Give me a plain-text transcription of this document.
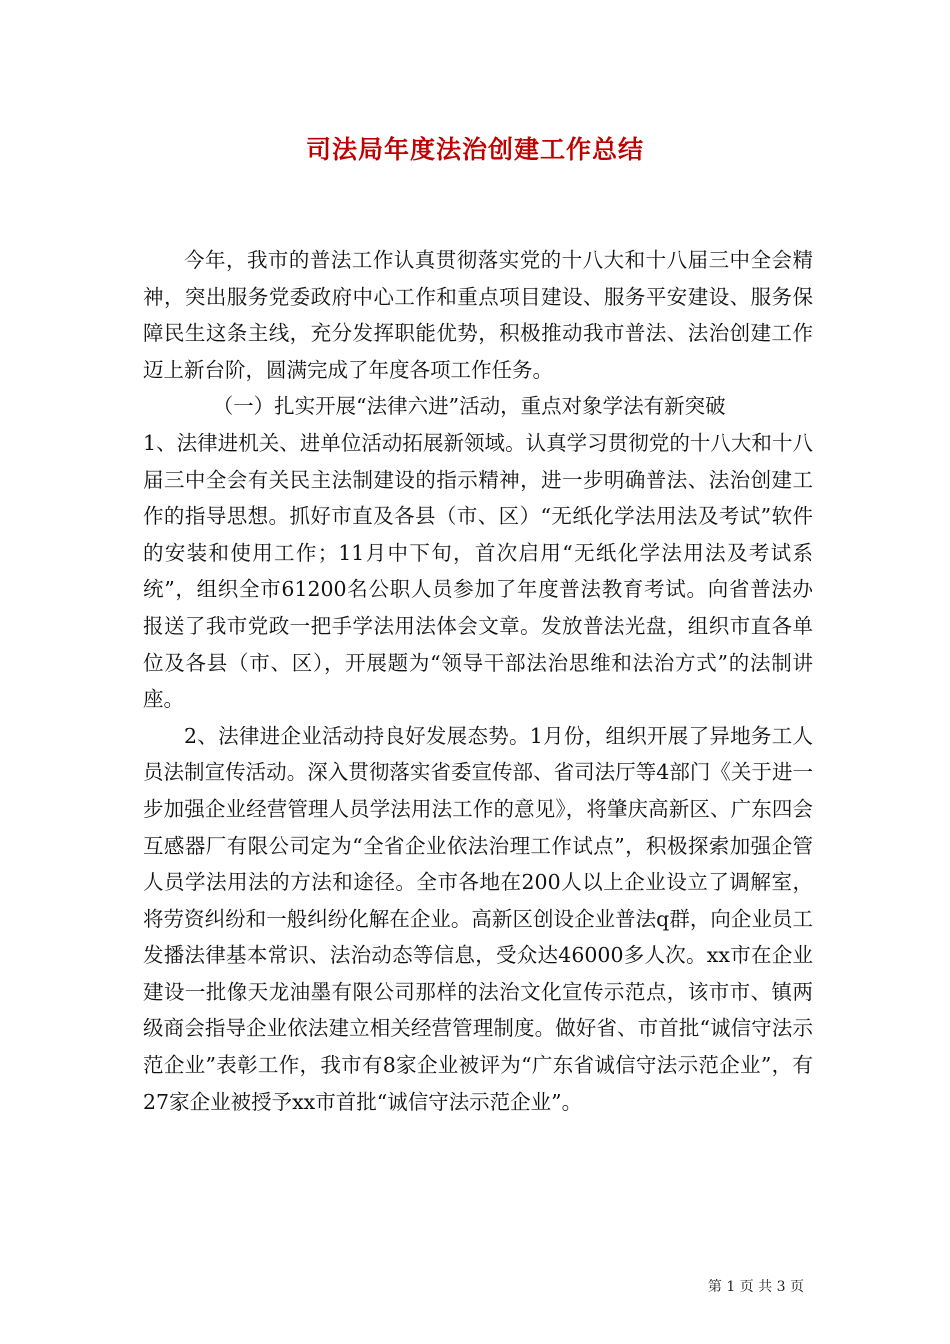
司法局年度法治创建工作总结

今年，我市的普法工作认真贯彻落实党的十八大和十八届三中全会精神，突出服务党委政府中心工作和重点项目建设、服务平安建设、服务保障民生这条主线，充分发挥职能优势，积极推动我市普法、法治创建工作迈上新台阶，圆满完成了年度各项工作任务。

（一）扎实开展“法律六进”活动，重点对象学法有新突破

1、法律进机关、进单位活动拓展新领域。认真学习贯彻党的十八大和十八届三中全会有关民主法制建设的指示精神，进一步明确普法、法治创建工作的指导思想。抓好市直及各县（市、区）“无纸化学法用法及考试”软件的安装和使用工作；11月中下旬，首次启用“无纸化学法用法及考试系统”，组织全市61200名公职人员参加了年度普法教育考试。向省普法办报送了我市党政一把手学法用法体会文章。发放普法光盘，组织市直各单位及各县（市、区），开展题为“领导干部法治思维和法治方式”的法制讲座。

2、法律进企业活动持良好发展态势。1月份，组织开展了异地务工人员法制宣传活动。深入贯彻落实省委宣传部、省司法厅等4部门《关于进一步加强企业经营管理人员学法用法工作的意见》，将肇庆高新区、广东四会互感器厂有限公司定为“全省企业依法治理工作试点”，积极探索加强企管人员学法用法的方法和途径。全市各地在200人以上企业设立了调解室，将劳资纠纷和一般纠纷化解在企业。高新区创设企业普法q群，向企业员工发播法律基本常识、法治动态等信息，受众达46000多人次。xx市在企业建设一批像天龙油墨有限公司那样的法治文化宣传示范点，该市市、镇两级商会指导企业依法建立相关经营管理制度。做好省、市首批“诚信守法示范企业”表彰工作，我市有8家企业被评为“广东省诚信守法示范企业”，有27家企业被授予xx市首批“诚信守法示范企业”。

第 1 页 共 3 页
